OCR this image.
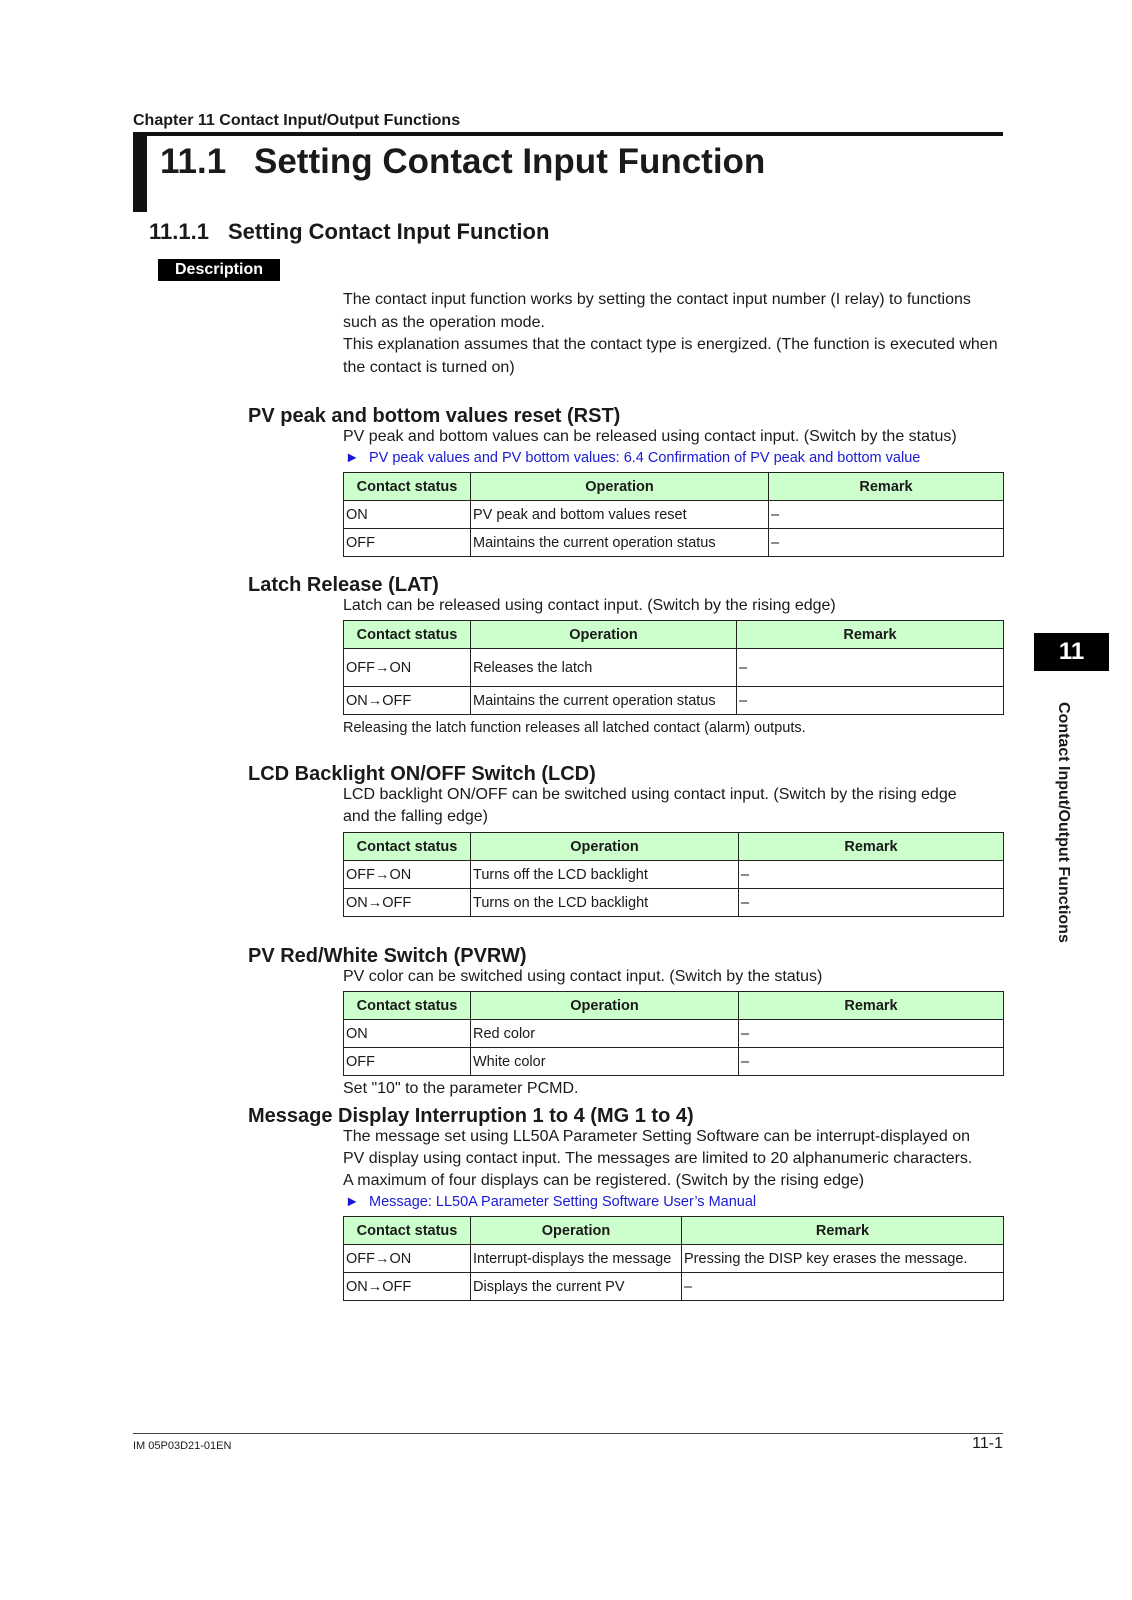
Chapter 11 Contact Input/Output Functions
11.1 Setting Contact Input Function
11.1.1 Setting Contact Input Function
Description
The contact input function works by setting the contact input number (I relay) to functions such as the operation mode.
This explanation assumes that the contact type is energized. (The function is executed when the contact is turned on)
PV peak and bottom values reset (RST)
PV peak and bottom values can be released using contact input. (Switch by the status)
► PV peak values and PV bottom values: 6.4 Confirmation of PV peak and bottom value
Contact status	Operation	Remark
ON	PV peak and bottom values reset	–
OFF	Maintains the current operation status	–
Latch Release (LAT)
Latch can be released using contact input. (Switch by the rising edge)
Contact status	Operation	Remark
OFF→ON	Releases the latch	–
ON→OFF	Maintains the current operation status	–
Releasing the latch function releases all latched contact (alarm) outputs.
LCD Backlight ON/OFF Switch (LCD)
LCD backlight ON/OFF can be switched using contact input. (Switch by the rising edge
and the falling edge)
Contact status	Operation	Remark
OFF→ON	Turns off the LCD backlight	–
ON→OFF	Turns on the LCD backlight	–
PV Red/White Switch (PVRW)
PV color can be switched using contact input. (Switch by the status)
Contact status	Operation	Remark
ON	Red color	–
OFF	White color	–
Set "10" to the parameter PCMD.
Message Display Interruption 1 to 4 (MG 1 to 4)
The message set using LL50A Parameter Setting Software can be interrupt-displayed on
PV display using contact input. The messages are limited to 20 alphanumeric characters.
A maximum of four displays can be registered. (Switch by the rising edge)
► Message: LL50A Parameter Setting Software User’s Manual
Contact status	Operation	Remark
OFF→ON	Interrupt-displays the message	Pressing the DISP key erases the message.
ON→OFF	Displays the current PV	–
11
Contact Input/Output Functions
IM 05P03D21-01EN	11-1
